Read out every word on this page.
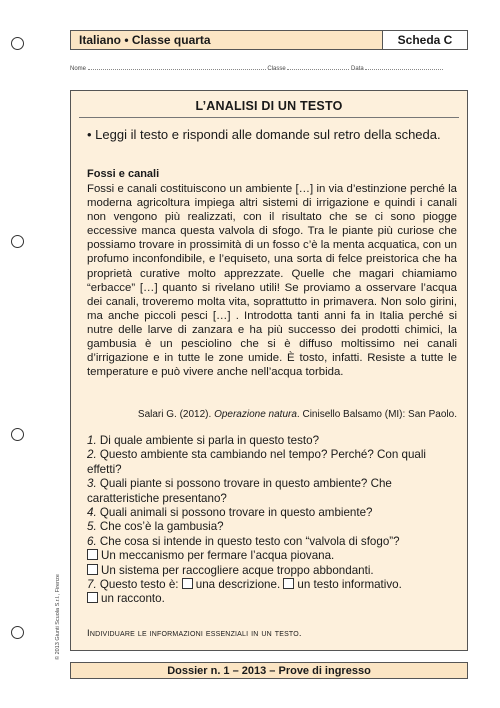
Italiano • Classe quarta	Scheda C
Nome	Classe	Data
L’ANALISI DI UN TESTO
• Leggi il testo e rispondi alle domande sul retro della scheda.
Fossi e canali
Fossi e canali costituiscono un ambiente […] in via d’estinzione perché la moderna agricoltura impiega altri sistemi di irrigazione e quindi i canali non vengono più realizzati, con il risultato che se ci sono piogge eccessive manca questa valvola di sfogo. Tra le piante più curiose che possiamo trovare in prossimità di un fosso c’è la menta acquatica, con un profumo inconfondibile, e l’equiseto, una sorta di felce preistorica che ha proprietà curative molto apprezzate. Quelle che magari chiamiamo “erbacce” […] quanto si rivelano utili! Se proviamo a osservare l’acqua dei canali, troveremo molta vita, soprattutto in primavera. Non solo girini, ma anche piccoli pesci […] . Introdotta tanti anni fa in Italia perché si nutre delle larve di zanzara e ha più successo dei prodotti chimici, la gambusia è un pesciolino che si è diffuso moltissimo nei canali d’irrigazione e in tutte le zone umide. È tosto, infatti. Resiste a tutte le temperature e può vivere anche nell’acqua torbida.
Salari G. (2012). Operazione natura. Cinisello Balsamo (MI): San Paolo.

1. Di quale ambiente si parla in questo testo?

2. Questo ambiente sta cambiando nel tempo? Perché? Con quali effetti?

3. Quali piante si possono trovare in questo ambiente? Che caratteristiche presentano?

4. Quali animali si possono trovare in questo ambiente?

5. Che cos’è la gambusia?

6. Che cosa si intende in questo testo con “valvola di sfogo”?

Un meccanismo per fermare l’acqua piovana.

Un sistema per raccogliere acque troppo abbondanti.

7. Questo testo è: una descrizione. un testo informativo.

un racconto.

Individuare le informazioni essenziali in un testo.
Dossier n. 1 – 2013 – Prove di ingresso
© 2013 Giunti Scuola S.r.l., Firenze
